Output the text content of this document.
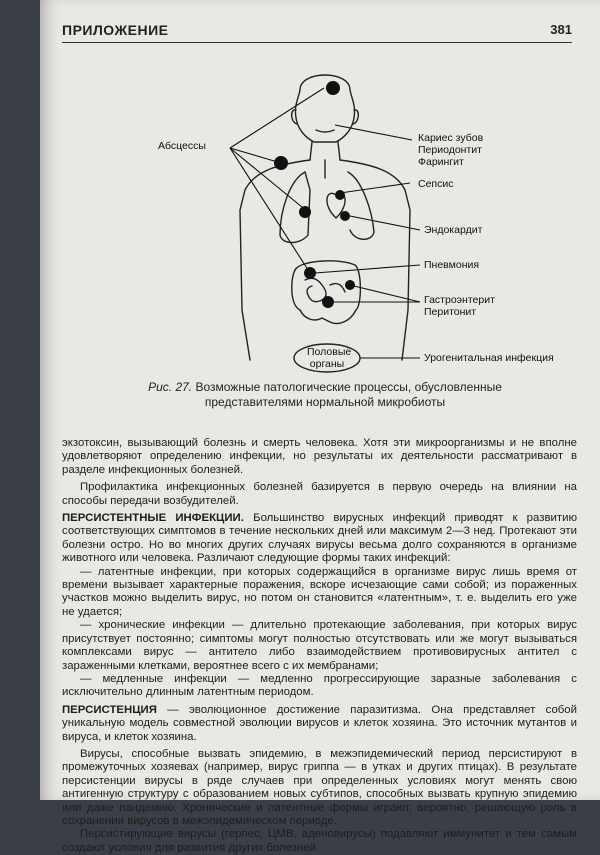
ПРИЛОЖЕНИЕ	381
Абсцессы
Кариес зубов
Периодонтит
Фарингит
Сепсис
Эндокардит
Пневмония
Гастроэнтерит
Перитонит
Половые
органы	Урогенитальная инфекция
Рис. 27. Возможные патологические процессы, обусловленные представителями нормальной микробиоты

экзотоксин, вызывающий болезнь и смерть человека. Хотя эти микроорганизмы и не вполне удовлетворяют определению инфекции, но результаты их деятельности рассматривают в разделе инфекционных болезней.

Профилактика инфекционных болезней базируется в первую очередь на влиянии на способы передачи возбудителей.

ПЕРСИСТЕНТНЫЕ ИНФЕКЦИИ. Большинство вирусных инфекций приводят к развитию соответствующих симптомов в течение нескольких дней или максимум 2—3 нед. Протекают эти болезни остро. Но во многих других случаях вирусы весьма долго сохраняются в организме животного или человека. Различают следующие формы таких инфекций:

— латентные инфекции, при которых содержащийся в организме вирус лишь время от времени вызывает характерные поражения, вскоре исчезающие сами собой; из пораженных участков можно выделить вирус, но потом он становится «латентным», т. е. выделить его уже не удается;

— хронические инфекции — длительно протекающие заболевания, при которых вирус присутствует постоянно; симптомы могут полностью отсутствовать или же могут вызываться комплексами вирус — антитело либо взаимодействием противовирусных антител с зараженными клетками, вероятнее всего с их мембранами;

— медленные инфекции — медленно прогрессирующие заразные заболевания с исключительно длинным латентным периодом.

ПЕРСИСТЕНЦИЯ — эволюционное достижение паразитизма. Она представляет собой уникальную модель совместной эволюции вирусов и клеток хозяина. Это источник мутантов и вируса, и клеток хозяина.

Вирусы, способные вызвать эпидемию, в межэпидемический период персистируют в промежуточных хозяевах (например, вирус гриппа — в утках и других птицах). В результате персистенции вирусы в ряде случаев при определенных условиях могут менять свою антигенную структуру с образованием новых субтипов, способных вызвать крупную эпидемию или даже пандемию. Хронические и латентные формы играют, вероятно, решающую роль в сохранении вирусов в межэпидемическом периоде.

Персистирующие вирусы (герпес, ЦМВ, аденовирусы) подавляют иммунитет и тем самым создают условия для развития других болезней.
